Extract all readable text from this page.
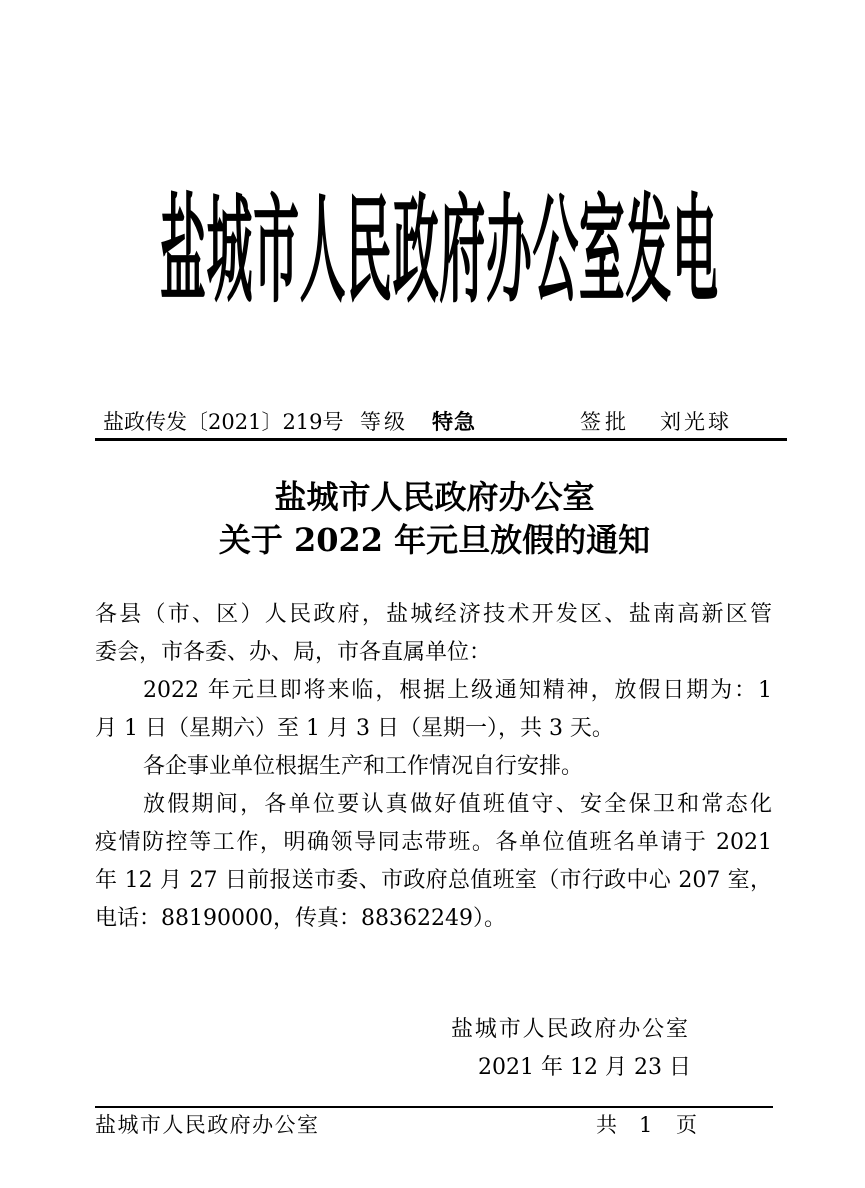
盐城市人民政府办公室发电
盐政传发〔2021〕219号 等级 特急	签批 刘光球
盐城市人民政府办公室
关于 2022 年元旦放假的通知
各县（市、区）人民政府，盐城经济技术开发区、盐南高新区管
委会，市各委、办、局，市各直属单位：
2022 年元旦即将来临，根据上级通知精神，放假日期为：1
月 1 日（星期六）至 1 月 3 日（星期一），共 3 天。
各企事业单位根据生产和工作情况自行安排。
放假期间，各单位要认真做好值班值守、安全保卫和常态化
疫情防控等工作，明确领导同志带班。各单位值班名单请于 2021
年 12 月 27 日前报送市委、市政府总值班室（市行政中心 207 室，
电话：88190000，传真：88362249）。
盐城市人民政府办公室
2021 年 12 月 23 日
盐城市人民政府办公室	共 1 页
